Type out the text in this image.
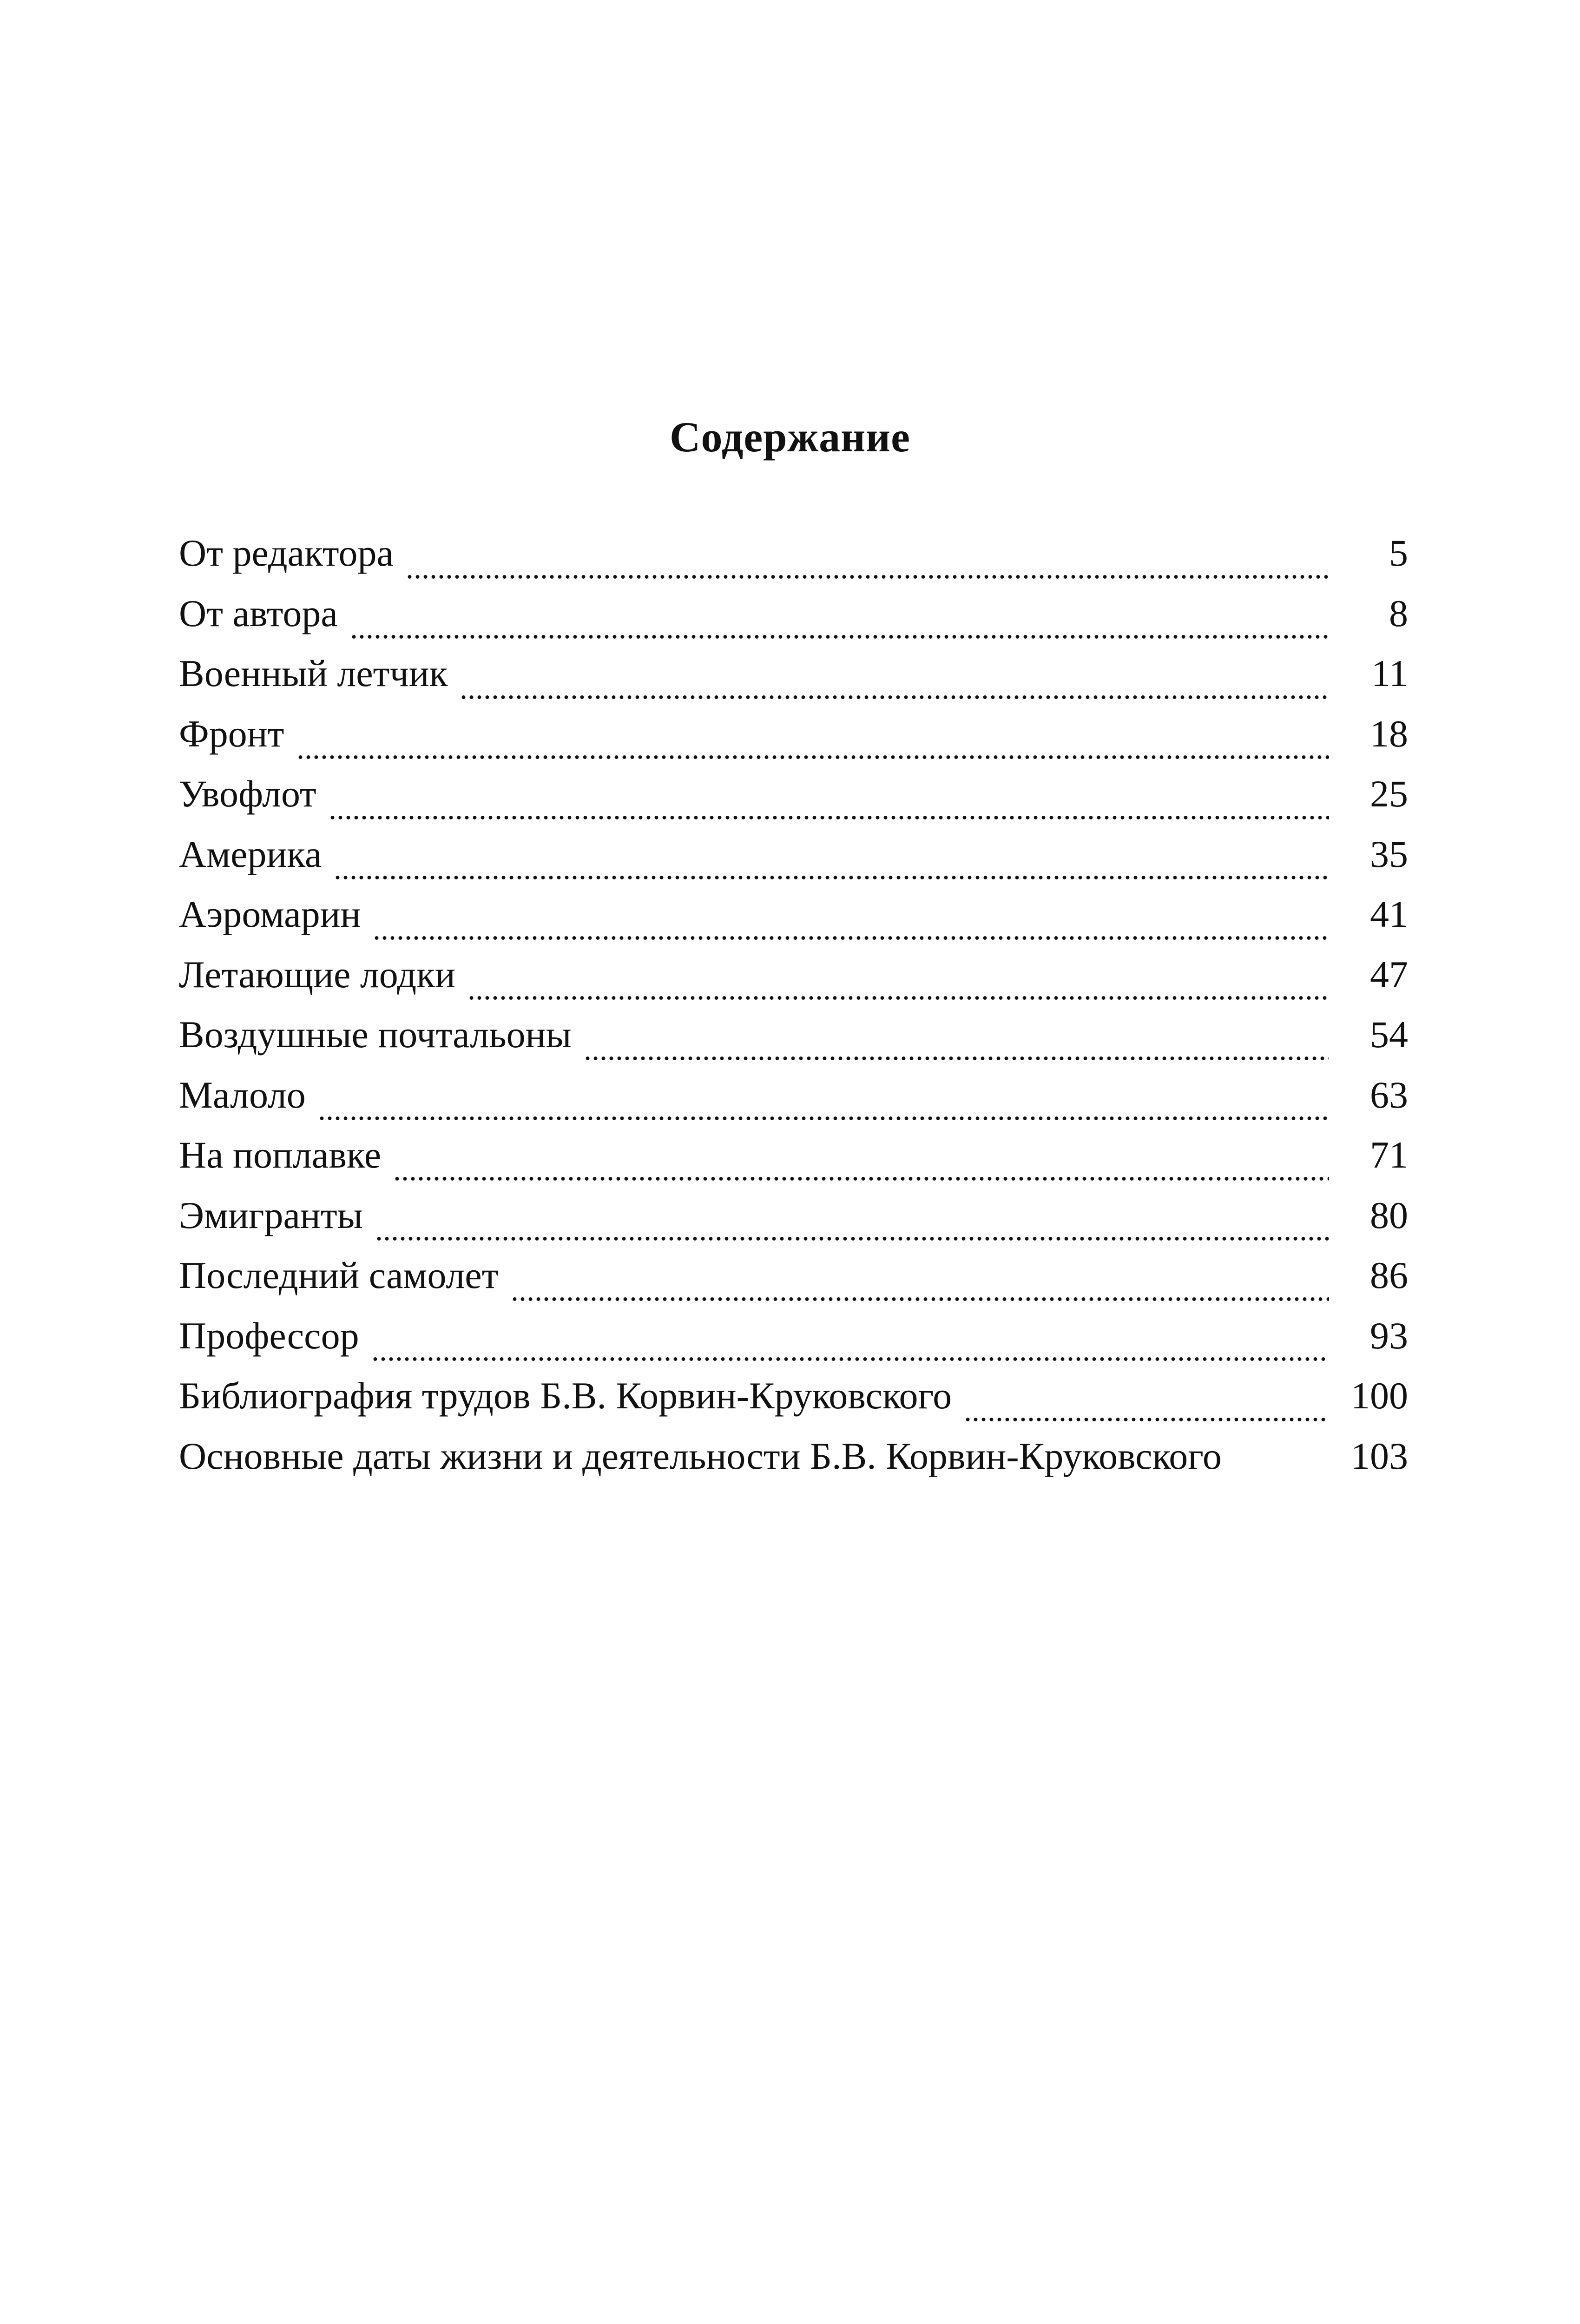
Содержание
От редактора	5
От автора	8
Военный летчик	11
Фронт	18
Увофлот	25
Америка	35
Аэромарин	41
Летающие лодки	47
Воздушные почтальоны	54
Малоло	63
На поплавке	71
Эмигранты	80
Последний самолет	86
Профессор	93
Библиография трудов Б.В. Корвин-Круковского	100
Основные даты жизни и деятельности Б.В. Корвин-Круковского	103
